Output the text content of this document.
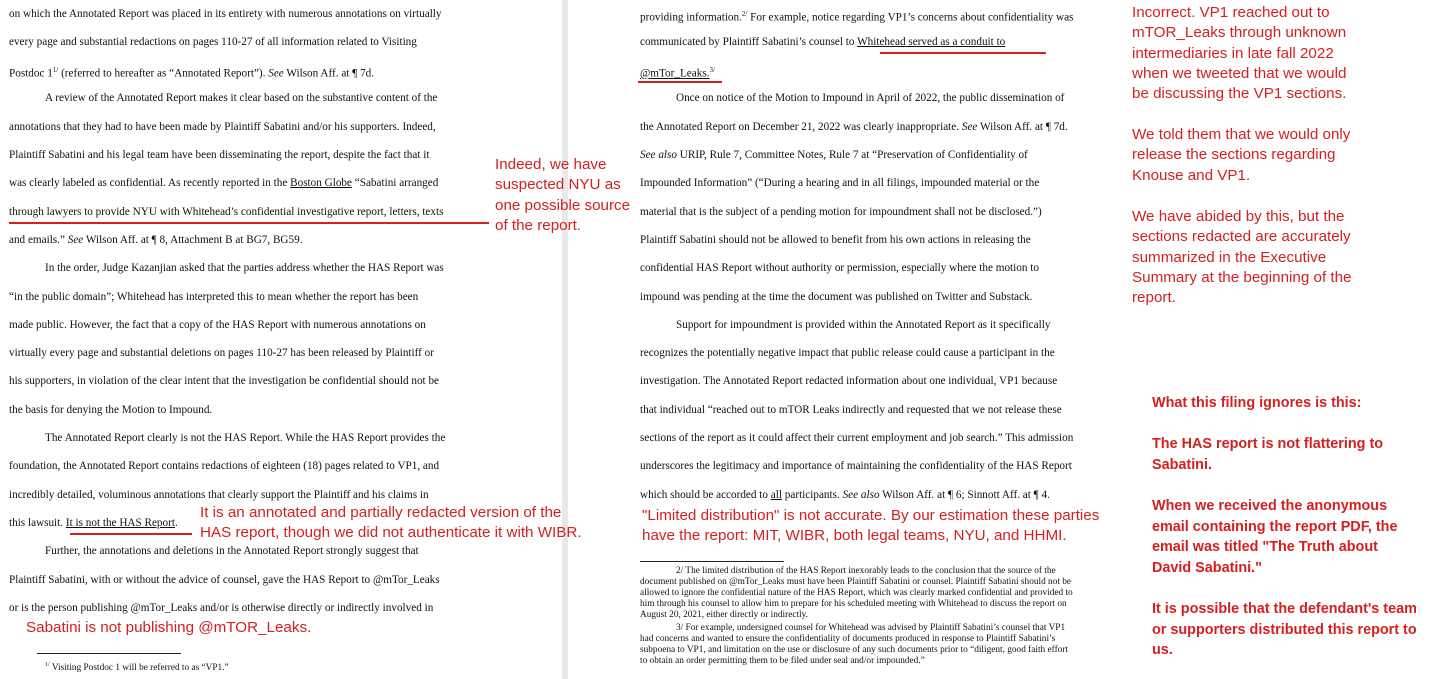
on which the Annotated Report was placed in its entirety with numerous annotations on virtually
every page and substantial redactions on pages 110-27 of all information related to Visiting
Postdoc $1^{1/}$ (referred to hereafter as “Annotated Report”). See Wilson Aff. at ¶ 7d.
A review of the Annotated Report makes it clear based on the substantive content of the
annotations that they had to have been made by Plaintiff Sabatini and/or his supporters. Indeed,
Plaintiff Sabatini and his legal team have been disseminating the report, despite the fact that it
was clearly labeled as confidential. As recently reported in the Boston Globe “Sabatini arranged
through lawyers to provide NYU with Whitehead’s confidential investigative report, letters, texts
and emails.” See Wilson Aff. at ¶ 8, Attachment B at BG7, BG59.
In the order, Judge Kazanjian asked that the parties address whether the HAS Report was
“in the public domain”; Whitehead has interpreted this to mean whether the report has been
made public. However, the fact that a copy of the HAS Report with numerous annotations on
virtually every page and substantial deletions on pages 110-27 has been released by Plaintiff or
his supporters, in violation of the clear intent that the investigation be confidential should not be
the basis for denying the Motion to Impound.
The Annotated Report clearly is not the HAS Report. While the HAS Report provides the
foundation, the Annotated Report contains redactions of eighteen (18) pages related to VP1, and
incredibly detailed, voluminous annotations that clearly support the Plaintiff and his claims in
this lawsuit. It is not the HAS Report.
Further, the annotations and deletions in the Annotated Report strongly suggest that
Plaintiff Sabatini, with or without the advice of counsel, gave the HAS Report to @mTor_Leaks
or is the person publishing @mTor_Leaks and/or is otherwise directly or indirectly involved in
$^{1/}$ Visiting Postdoc 1 will be referred to as “VP1.”
providing information.$^{2/}$ For example, notice regarding VP1’s concerns about confidentiality was
communicated by Plaintiff Sabatini’s counsel to Whitehead served as a conduit to
@mTor_Leaks.$^{3/}$
Once on notice of the Motion to Impound in April of 2022, the public dissemination of
the Annotated Report on December 21, 2022 was clearly inappropriate. See Wilson Aff. at ¶ 7d.
See also URIP, Rule 7, Committee Notes, Rule 7 at “Preservation of Confidentiality of
Impounded Information” (“During a hearing and in all filings, impounded material or the
material that is the subject of a pending motion for impoundment shall not be disclosed.”)
Plaintiff Sabatini should not be allowed to benefit from his own actions in releasing the
confidential HAS Report without authority or permission, especially where the motion to
impound was pending at the time the document was published on Twitter and Substack.
Support for impoundment is provided within the Annotated Report as it specifically
recognizes the potentially negative impact that public release could cause a participant in the
investigation. The Annotated Report redacted information about one individual, VP1 because
that individual “reached out to mTOR Leaks indirectly and requested that we not release these
sections of the report as it could affect their current employment and job search.” This admission
underscores the legitimacy and importance of maintaining the confidentiality of the HAS Report
which should be accorded to all participants. See also Wilson Aff. at ¶ 6; Sinnott Aff. at ¶ 4.
2/ The limited distribution of the HAS Report inexorably leads to the conclusion that the source of the
document published on @mTor_Leaks must have been Plaintiff Sabatini or counsel. Plaintiff Sabatini should not be
allowed to ignore the confidential nature of the HAS Report, which was clearly marked confidential and provided to
him through his counsel to allow him to prepare for his scheduled meeting with Whitehead to discuss the report on
August 20, 2021, either directly or indirectly.
3/ For example, undersigned counsel for Whitehead was advised by Plaintiff Sabatini’s counsel that VP1
had concerns and wanted to ensure the confidentiality of documents produced in response to Plaintiff Sabatini’s
subpoena to VP1, and limitation on the use or disclosure of any such documents prior to “diligent, good faith effort
to obtain an order permitting them to be filed under seal and/or impounded.”
Indeed, we have
suspected NYU as
one possible source
of the report.
It is an annotated and partially redacted version of the
HAS report, though we did not authenticate it with WIBR.
Sabatini is not publishing @mTOR_Leaks.
"Limited distribution" is not accurate. By our estimation these parties
have the report: MIT, WIBR, both legal teams, NYU, and HHMI.
Incorrect. VP1 reached out to
mTOR_Leaks through unknown
intermediaries in late fall 2022
when we tweeted that we would
be discussing the VP1 sections.
We told them that we would only
release the sections regarding
Knouse and VP1.
We have abided by this, but the
sections redacted are accurately
summarized in the Executive
Summary at the beginning of the
report.
What this filing ignores is this:
The HAS report is not flattering to
Sabatini.
When we received the anonymous
email containing the report PDF, the
email was titled "The Truth about
David Sabatini."
It is possible that the defendant's team
or supporters distributed this report to
us.
